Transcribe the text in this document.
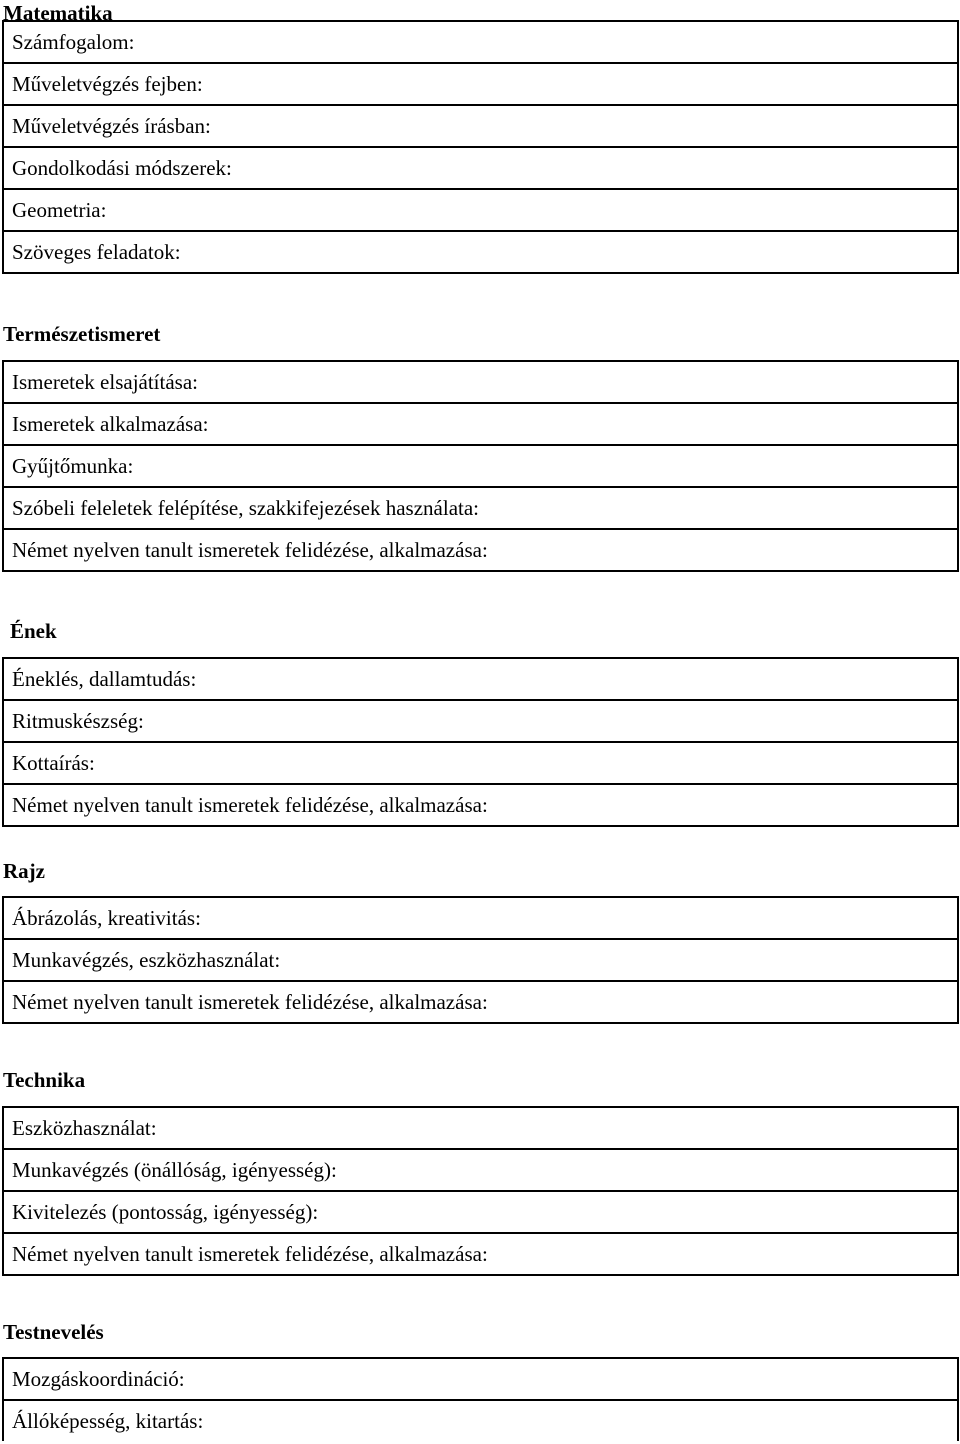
Matematika
Számfogalom:
Műveletvégzés fejben:
Műveletvégzés írásban:
Gondolkodási módszerek:
Geometria:
Szöveges feladatok:
Természetismeret
Ismeretek elsajátítása:
Ismeretek alkalmazása:
Gyűjtőmunka:
Szóbeli feleletek felépítése, szakkifejezések használata:
Német nyelven tanult ismeretek felidézése, alkalmazása:
Ének
Éneklés, dallamtudás:
Ritmuskészség:
Kottaírás:
Német nyelven tanult ismeretek felidézése, alkalmazása:
Rajz
Ábrázolás, kreativitás:
Munkavégzés, eszközhasználat:
Német nyelven tanult ismeretek felidézése, alkalmazása:
Technika
Eszközhasználat:
Munkavégzés (önállóság, igényesség):
Kivitelezés (pontosság, igényesség):
Német nyelven tanult ismeretek felidézése, alkalmazása:
Testnevelés
Mozgáskoordináció:
Állóképesség, kitartás:
